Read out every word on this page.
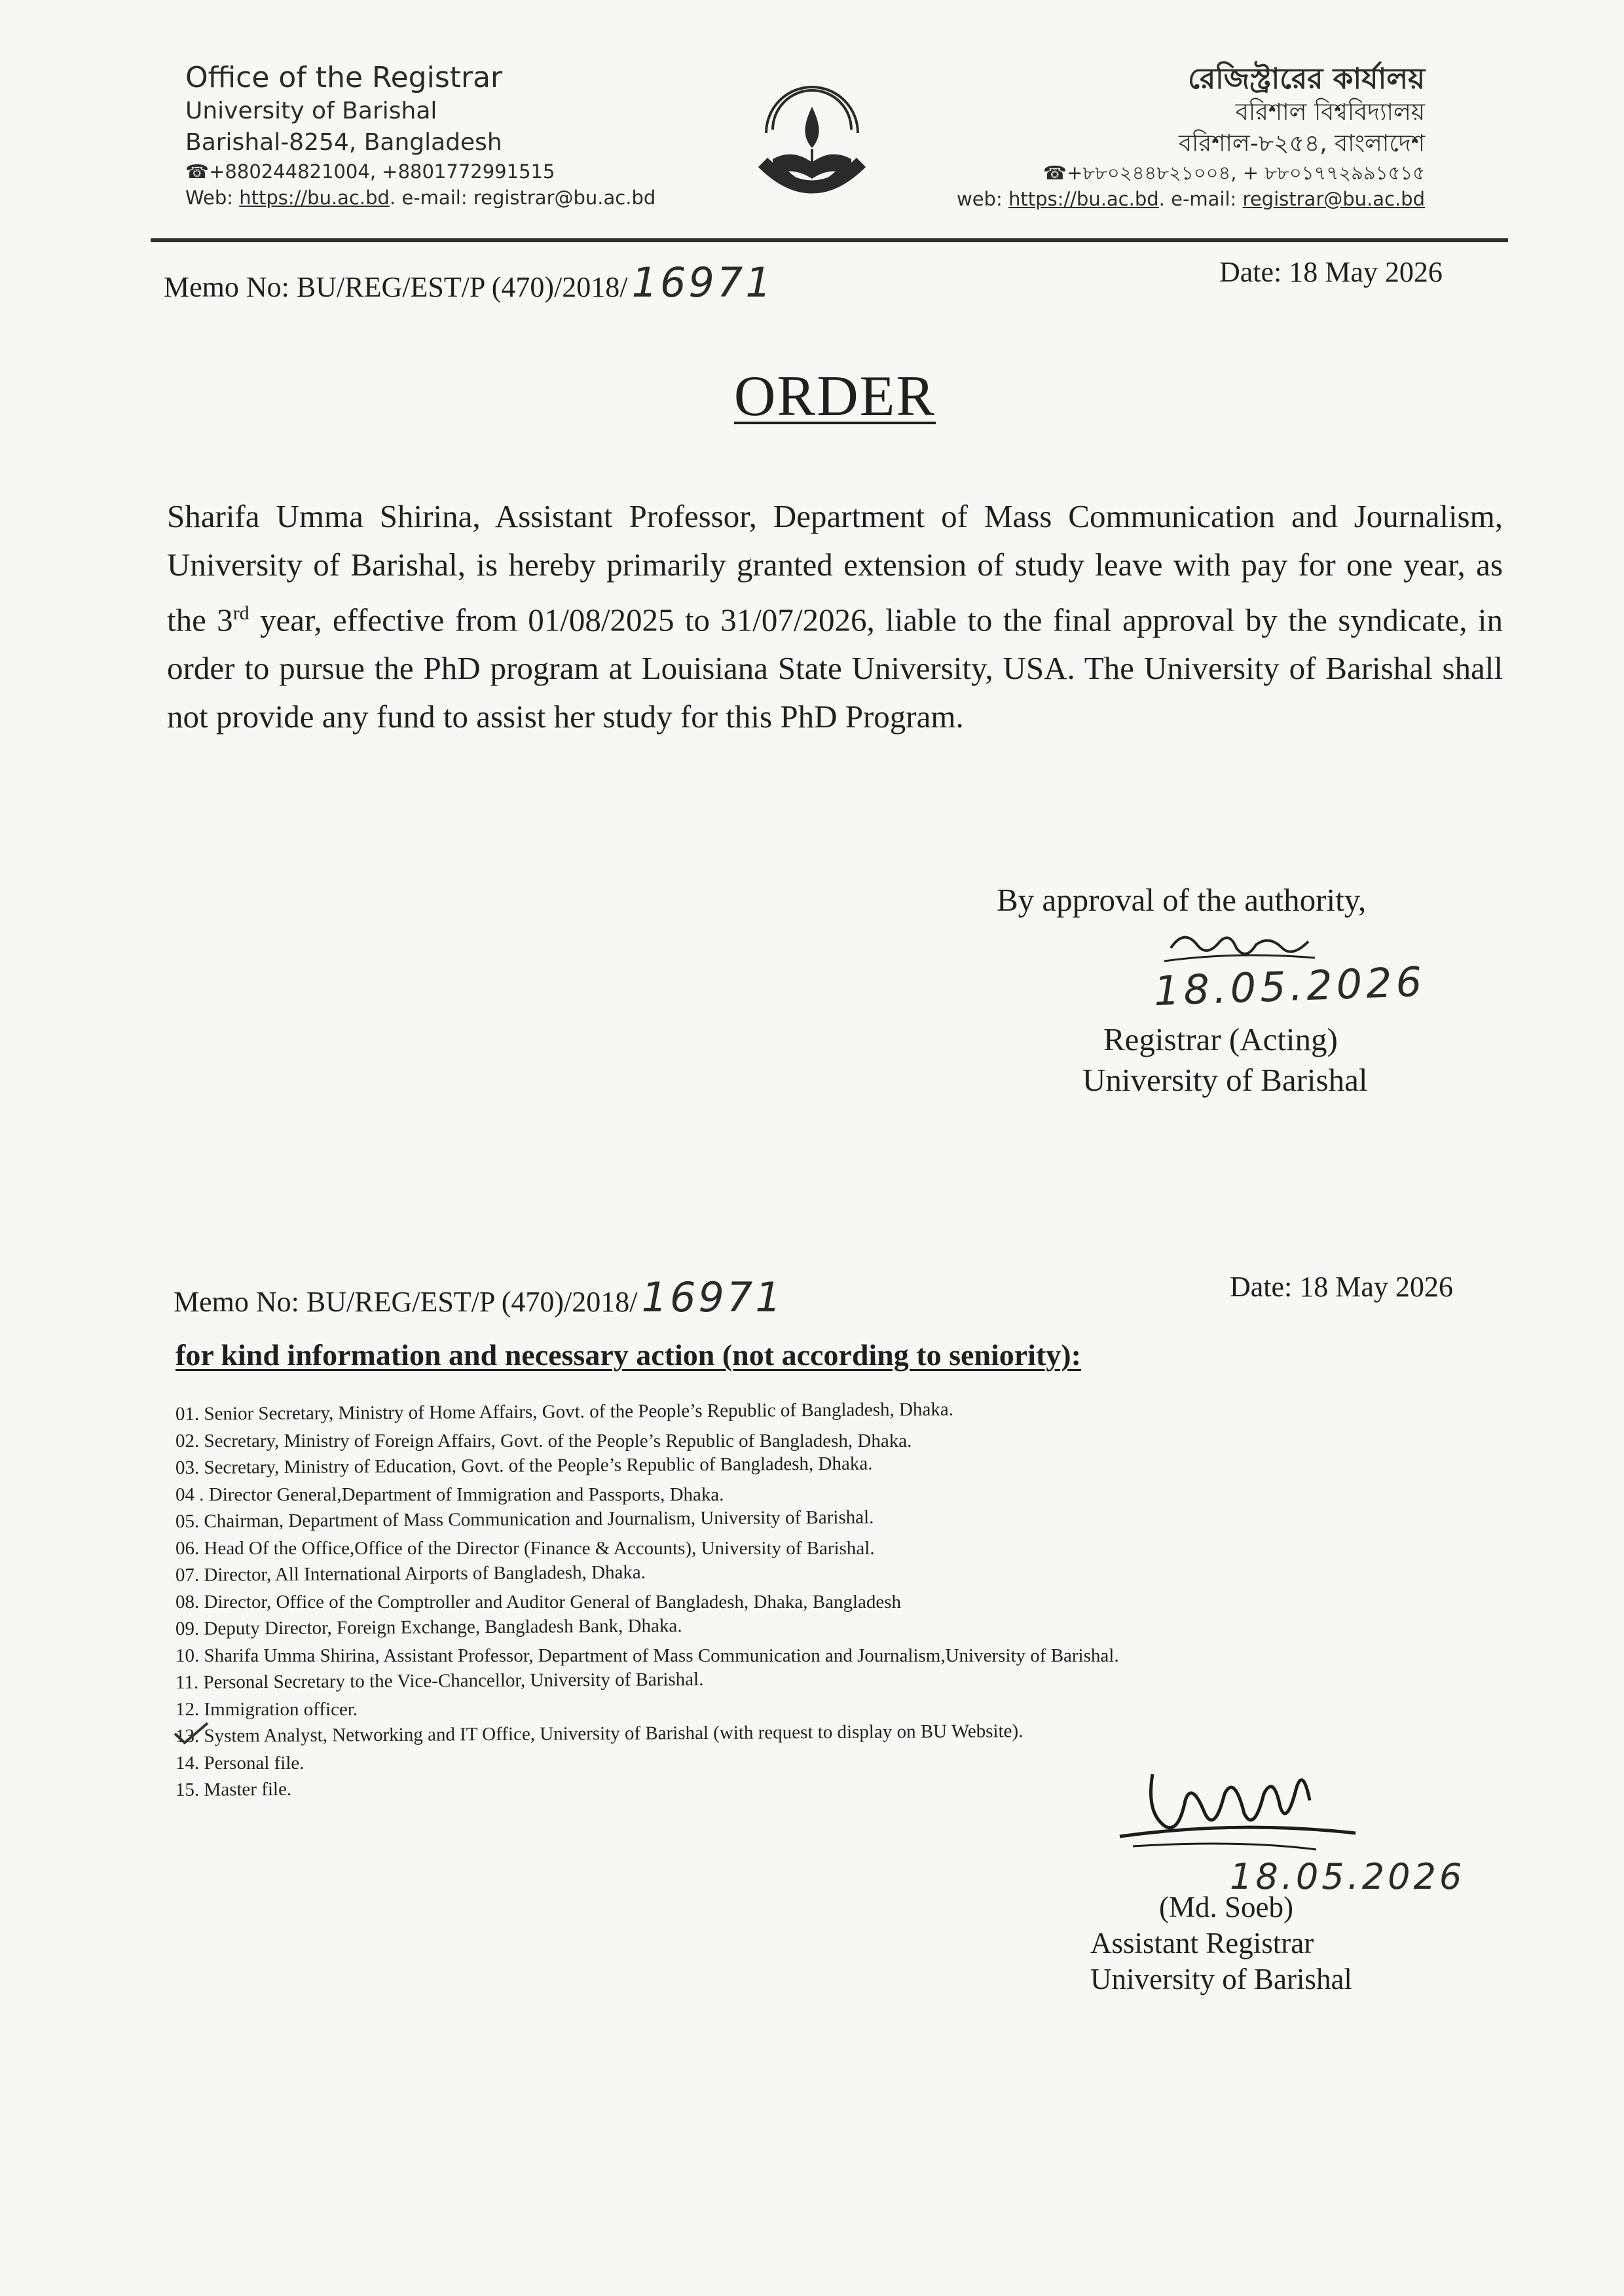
Office of the Registrar
University of Barishal
Barishal-8254, Bangladesh
☎+880244821004, +8801772991515
Web: https://bu.ac.bd. e-mail: registrar@bu.ac.bd
রেজিস্ট্রারের কার্যালয়
বরিশাল বিশ্ববিদ্যালয়
বরিশাল-৮২৫৪, বাংলাদেশ
☎+৮৮০২৪৪৮২১০০৪, + ৮৮০১৭৭২৯৯১৫১৫
web: https://bu.ac.bd. e-mail: registrar@bu.ac.bd
Memo No: BU/REG/EST/P (470)/2018/16971	Date: 18 May 2026
ORDER
Sharifa Umma Shirina, Assistant Professor, Department of Mass Communication and Journalism, University of Barishal, is hereby primarily granted extension of study leave with pay for one year, as the 3rd year, effective from 01/08/2025 to 31/07/2026, liable to the final approval by the syndicate, in order to pursue the PhD program at Louisiana State University, USA. The University of Barishal shall not provide any fund to assist her study for this PhD Program.
By approval of the authority,
18.05.2026
Registrar (Acting)
University of Barishal
Memo No: BU/REG/EST/P (470)/2018/16971	Date: 18 May 2026
for kind information and necessary action (not according to seniority):
01. Senior Secretary, Ministry of Home Affairs, Govt. of the People’s Republic of Bangladesh, Dhaka.
02. Secretary, Ministry of Foreign Affairs, Govt. of the People’s Republic of Bangladesh, Dhaka.
03. Secretary, Ministry of Education, Govt. of the People’s Republic of Bangladesh, Dhaka.
04 . Director General,Department of Immigration and Passports, Dhaka.
05. Chairman, Department of Mass Communication and Journalism, University of Barishal.
06. Head Of the Office,Office of the Director (Finance & Accounts), University of Barishal.
07. Director, All International Airports of Bangladesh, Dhaka.
08. Director, Office of the Comptroller and Auditor General of Bangladesh, Dhaka, Bangladesh
09. Deputy Director, Foreign Exchange, Bangladesh Bank, Dhaka.
10. Sharifa Umma Shirina, Assistant Professor, Department of Mass Communication and Journalism,University of Barishal.
11. Personal Secretary to the Vice-Chancellor, University of Barishal.
12. Immigration officer.
13. System Analyst, Networking and IT Office, University of Barishal (with request to display on BU Website).
14. Personal file.
15. Master file.
18.05.2026
(Md. Soeb)
Assistant Registrar
University of Barishal
